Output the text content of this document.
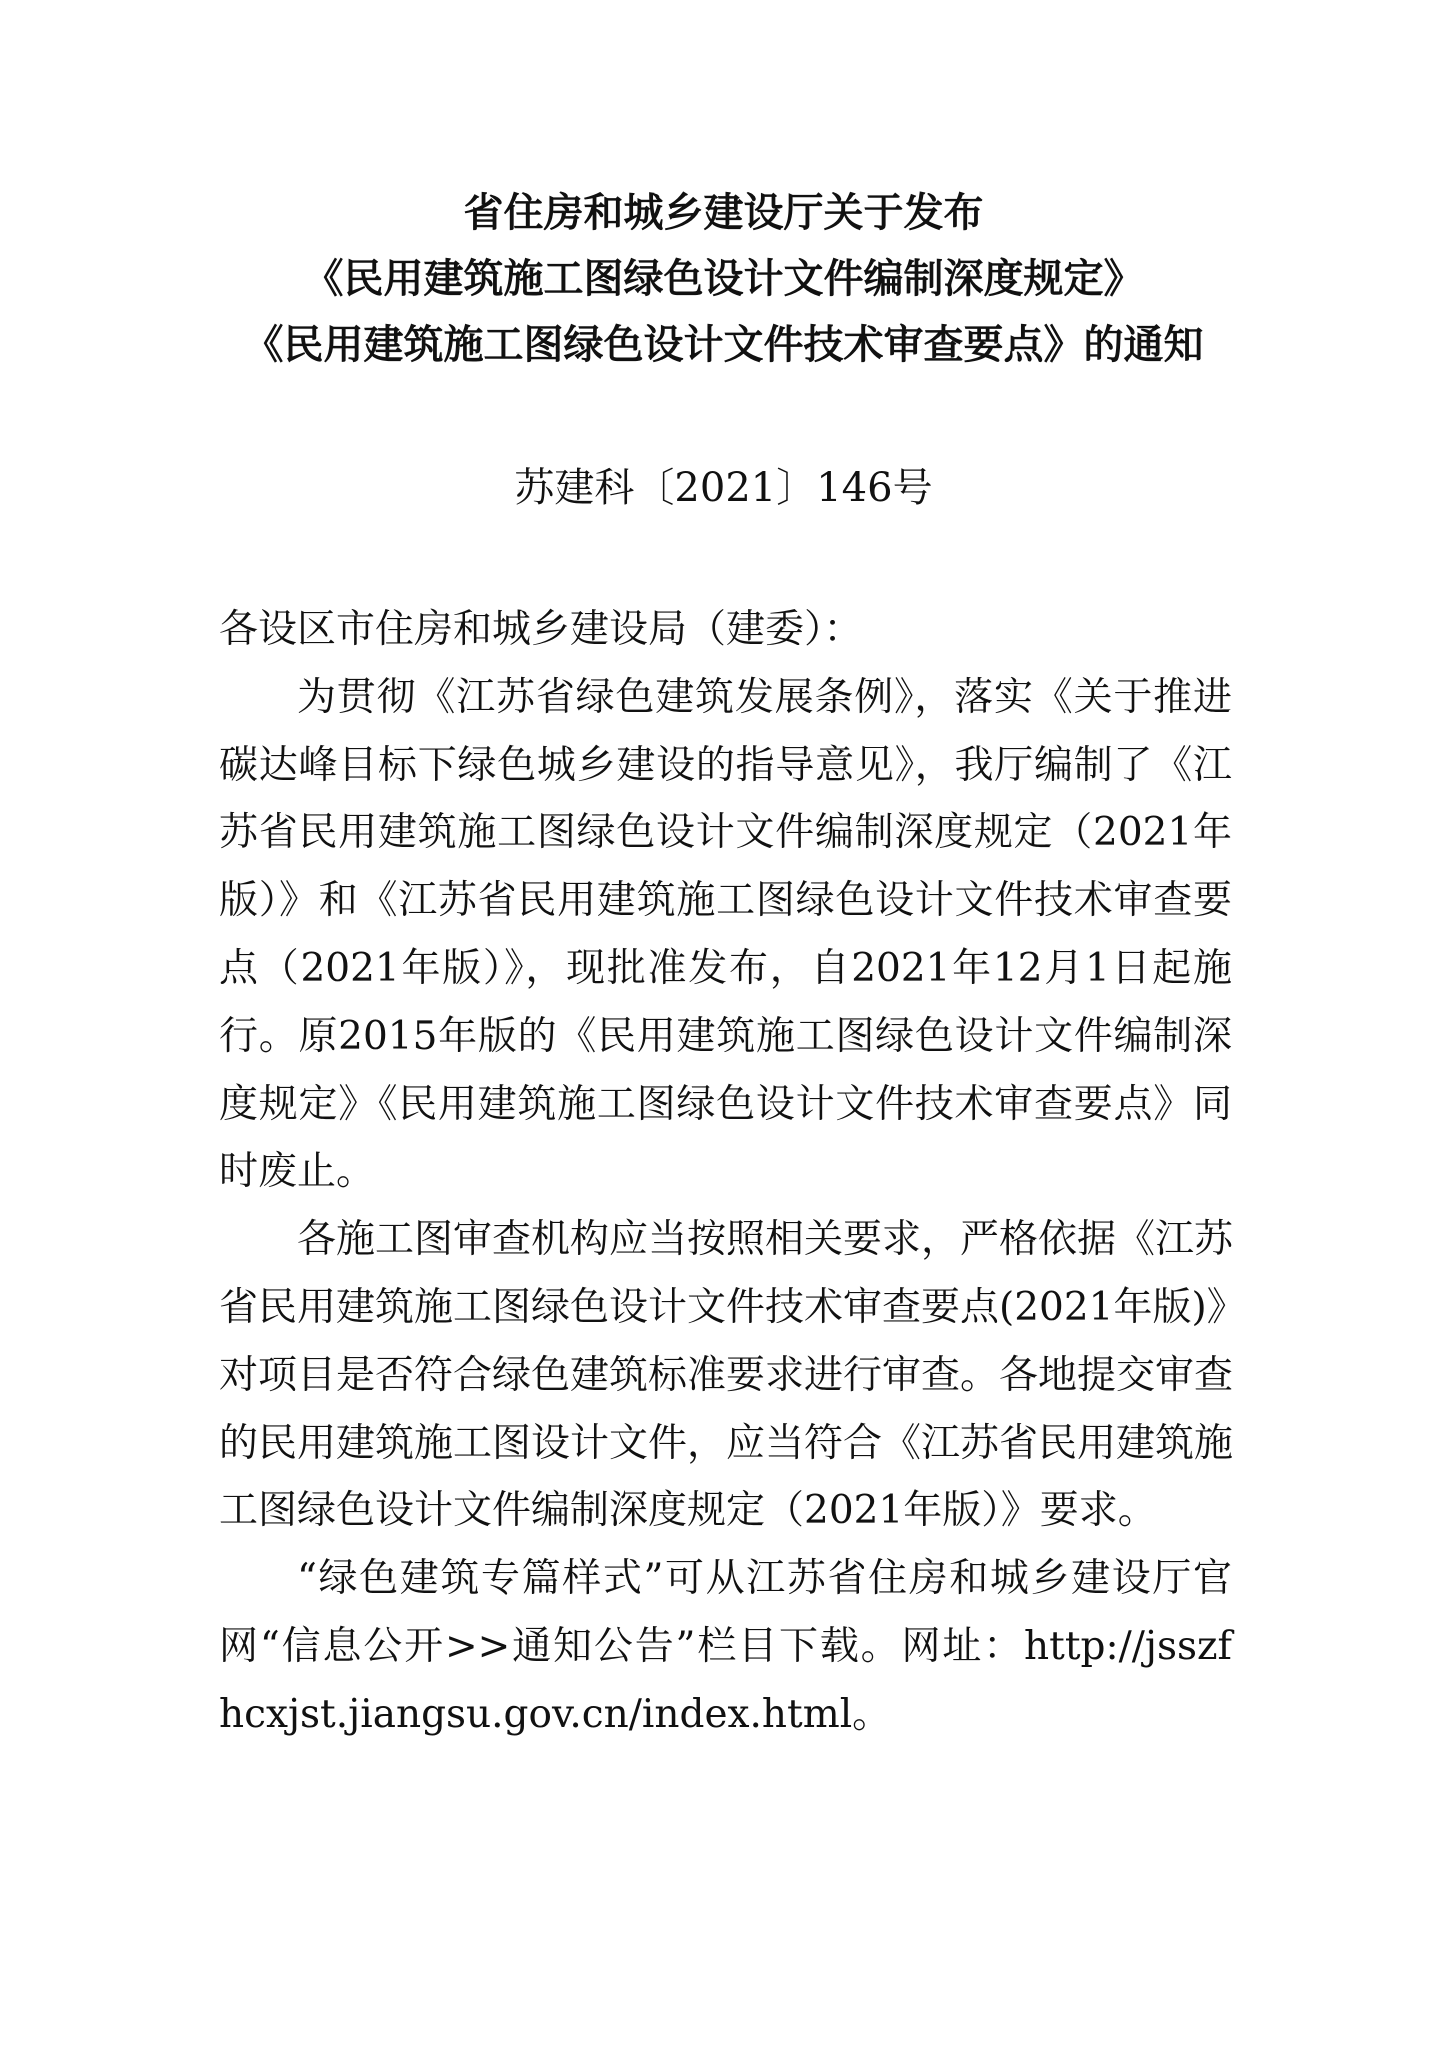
省住房和城乡建设厅关于发布
《民用建筑施工图绿色设计文件编制深度规定》
《民用建筑施工图绿色设计文件技术审查要点》的通知
苏建科〔2021〕146号
各设区市住房和城乡建设局（建委）：

为贯彻《江苏省绿色建筑发展条例》，落实《关于推进
碳达峰目标下绿色城乡建设的指导意见》，我厅编制了《江
苏省民用建筑施工图绿色设计文件编制深度规定（2021年
版）》和《江苏省民用建筑施工图绿色设计文件技术审查要
点（2021年版）》，现批准发布，自2021年12月1日起施
行。原2015年版的《民用建筑施工图绿色设计文件编制深
度规定》《民用建筑施工图绿色设计文件技术审查要点》同
时废止。

各施工图审查机构应当按照相关要求，严格依据《江苏
省民用建筑施工图绿色设计文件技术审查要点(2021年版)》
对项目是否符合绿色建筑标准要求进行审查。各地提交审查
的民用建筑施工图设计文件，应当符合《江苏省民用建筑施
工图绿色设计文件编制深度规定（2021年版）》要求。

“绿色建筑专篇样式”可从江苏省住房和城乡建设厅官
网“信息公开>>通知公告”栏目下载。网址：http://jsszf
hcxjst.jiangsu.gov.cn/index.html。
